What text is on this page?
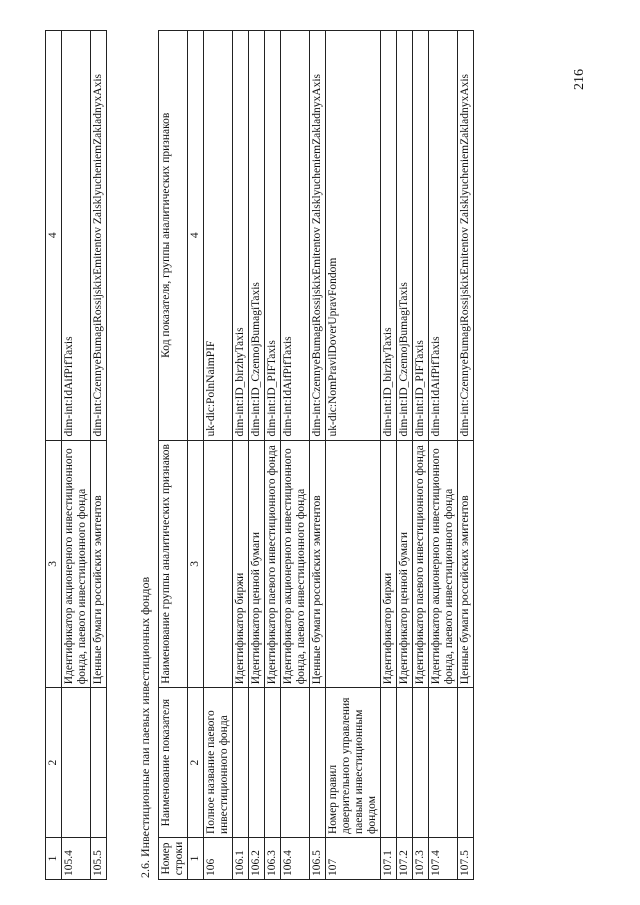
216
1	2	3	4
105.4		Идентификатор акционерного инвестиционного фонда, паевого инвестиционного фонда	dim-int:IdAifPifTaxis
105.5		Ценные бумаги российских эмитентов	dim-int:CzennyeBumagiRossijskixEmitentov ZalsklyucheniemZakladnyxAxis
2.6. Инвестиционные паи паевых инвестиционных фондов Номер строки	Наименование показателя	Наименование группы аналитических признаков	Код показателя, группы аналитических признаков
1	2	3	4
106	Полное название паевого инвестиционного фонда		uk-dic:PolnNaimPIF
106.1		Идентификатор биржи	dim-int:ID_birzhyTaxis
106.2		Идентификатор ценной бумаги	dim-int:ID_CzennojBumagiTaxis
106.3		Идентификатор паевого инвестиционного фонда	dim-int:ID_PIFTaxis
106.4		Идентификатор акционерного инвестиционного фонда, паевого инвестиционного фонда	dim-int:IdAifPifTaxis
106.5		Ценные бумаги российских эмитентов	dim-int:CzennyeBumagiRossijskixEmitentov ZalsklyucheniemZakladnyxAxis
107	Номер правил доверительного управления паевым инвестиционным фондом		uk-dic:NomPravilDoverUpravFondom
107.1		Идентификатор биржи	dim-int:ID_birzhyTaxis
107.2		Идентификатор ценной бумаги	dim-int:ID_CzennojBumagiTaxis
107.3		Идентификатор паевого инвестиционного фонда	dim-int:ID_PIFTaxis
107.4		Идентификатор акционерного инвестиционного фонда, паевого инвестиционного фонда	dim-int:IdAifPifTaxis
107.5		Ценные бумаги российских эмитентов	dim-int:CzennyeBumagiRossijskixEmitentov ZalsklyucheniemZakladnyxAxis
